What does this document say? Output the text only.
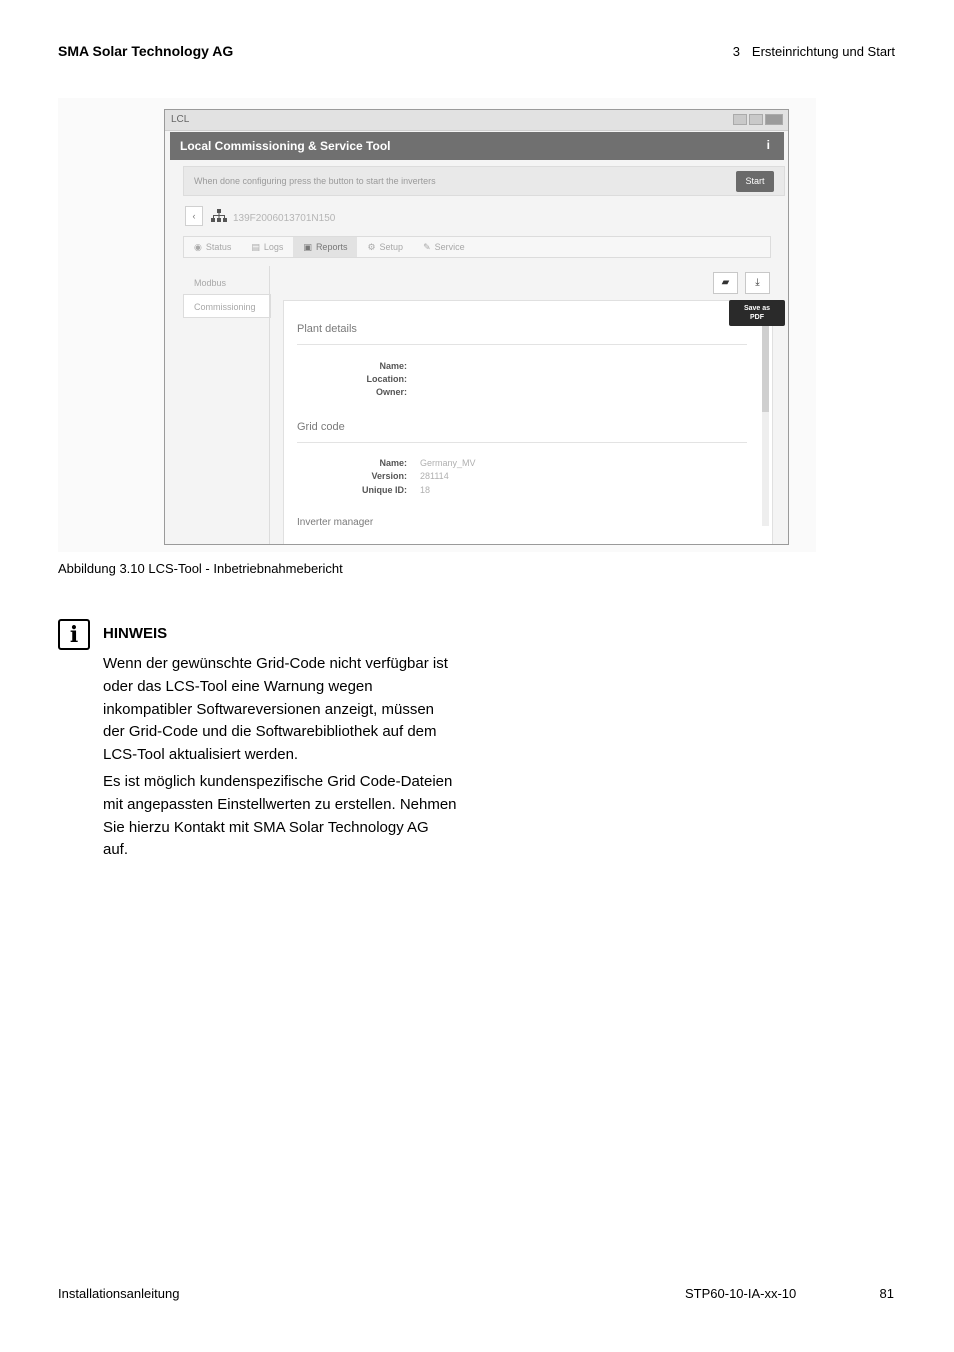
SMA Solar Technology AG	3 Ersteinrichtung und Start
LCL
Local Commissioning & Service Tool	i
When done configuring press the button to start the inverters	Start
‹	139F2006013701N150
◉ Status ▤ Logs ▣ Reports ⚙ Setup ✎ Service
Modbus
Commissioning
▰	⤓
Plant details
Name:
Location:
Owner:
Grid code
Name: Germany_MV
Version: 281114
Unique ID: 18
Inverter manager
Save as
PDF
Abbildung 3.10 LCS-Tool - Inbetriebnahmebericht
i	HINWEIS
Wenn der gewünschte Grid-Code nicht verfügbar ist
oder das LCS-Tool eine Warnung wegen
inkompatibler Softwareversionen anzeigt, müssen
der Grid-Code und die Softwarebibliothek auf dem
LCS-Tool aktualisiert werden.
Es ist möglich kundenspezifische Grid Code-Dateien
mit angepassten Einstellwerten zu erstellen. Nehmen
Sie hierzu Kontakt mit SMA Solar Technology AG
auf.
Installationsanleitung	STP60-10-IA-xx-10	81
